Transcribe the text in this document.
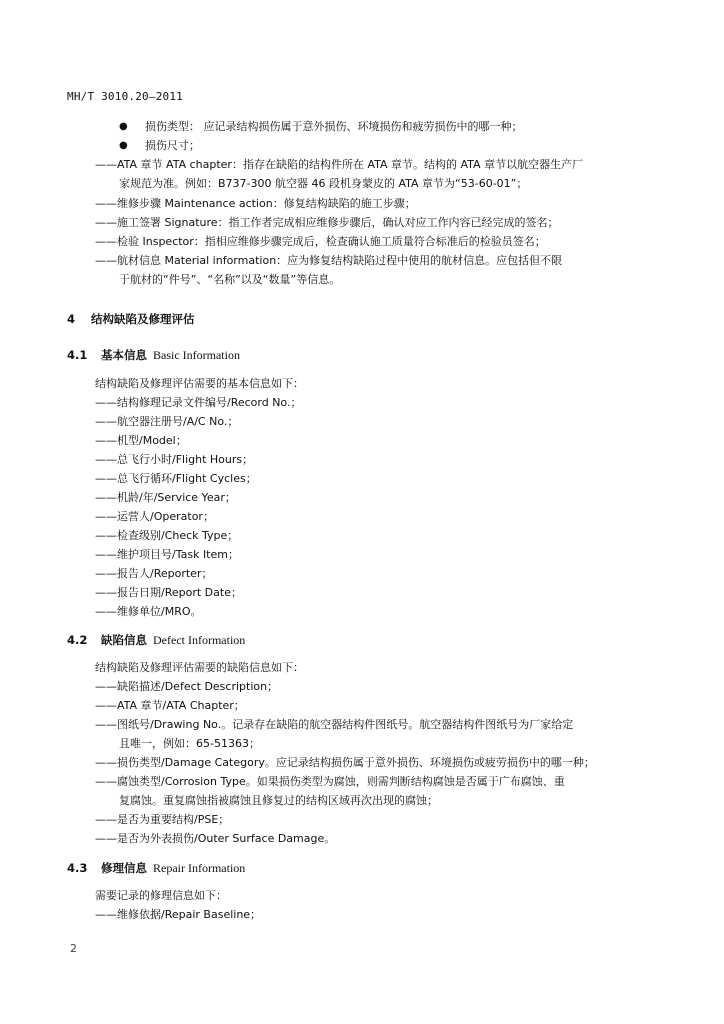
MH/T 3010.20—2011
● 损伤类型： 应记录结构损伤属于意外损伤、环境损伤和疲劳损伤中的哪一种；
● 损伤尺寸；
——ATA 章节 ATA chapter：指存在缺陷的结构件所在 ATA 章节。结构的 ATA 章节以航空器生产厂
家规范为准。例如：B737-300 航空器 46 段机身蒙皮的 ATA 章节为“53-60-01”；
——维修步骤 Maintenance action：修复结构缺陷的施工步骤；
——施工签署 Signature：指工作者完成相应维修步骤后，确认对应工作内容已经完成的签名；
——检验 Inspector：指相应维修步骤完成后，检查确认施工质量符合标准后的检验员签名；
——航材信息 Material information：应为修复结构缺陷过程中使用的航材信息。应包括但不限
于航材的“件号”、“名称”以及“数量”等信息。
4 结构缺陷及修理评估
4.1 基本信息 Basic Information
结构缺陷及修理评估需要的基本信息如下：
——结构修理记录文件编号/Record No.；
——航空器注册号/A/C No.；
——机型/Model；
——总飞行小时/Flight Hours；
——总飞行循环/Flight Cycles；
——机龄/年/Service Year；
——运营人/Operator；
——检查级别/Check Type；
——维护项目号/Task Item；
——报告人/Reporter；
——报告日期/Report Date；
——维修单位/MRO。
4.2 缺陷信息 Defect Information
结构缺陷及修理评估需要的缺陷信息如下：
——缺陷描述/Defect Description；
——ATA 章节/ATA Chapter；
——图纸号/Drawing No.。记录存在缺陷的航空器结构件图纸号。航空器结构件图纸号为厂家给定
且唯一，例如：65-51363；
——损伤类型/Damage Category。应记录结构损伤属于意外损伤、环境损伤或疲劳损伤中的哪一种；
——腐蚀类型/Corrosion Type。如果损伤类型为腐蚀，则需判断结构腐蚀是否属于广布腐蚀、重
复腐蚀。重复腐蚀指被腐蚀且修复过的结构区域再次出现的腐蚀；
——是否为重要结构/PSE；
——是否为外表损伤/Outer Surface Damage。
4.3 修理信息 Repair Information
需要记录的修理信息如下：
——维修依据/Repair Baseline；
2
